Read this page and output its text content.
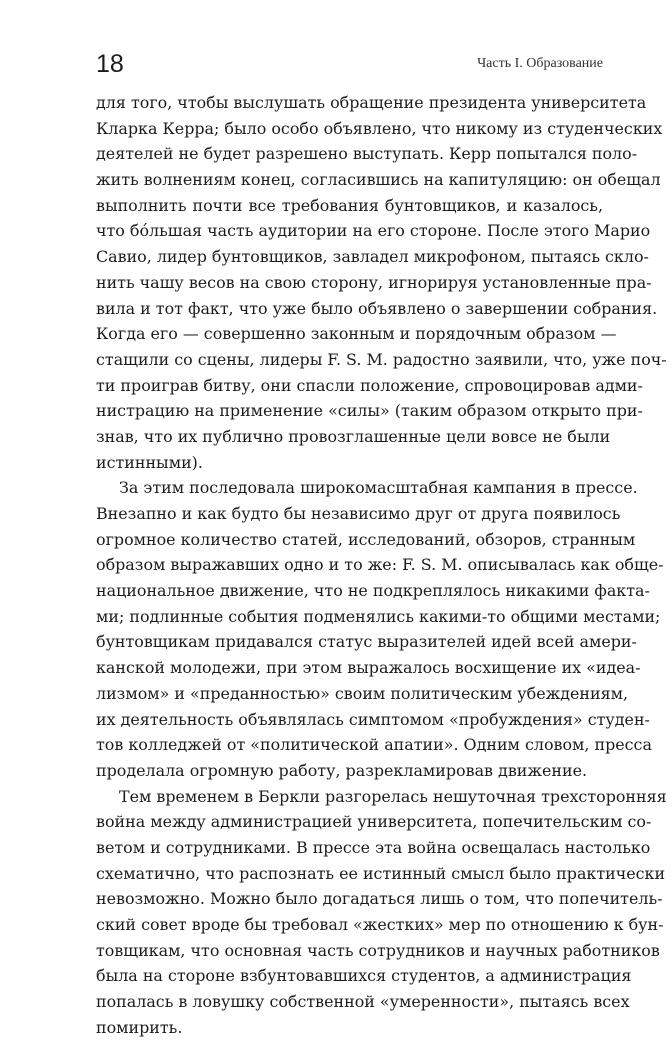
18	Часть I. Образование
для того, чтобы выслушать обращение президента университета
Кларка Керра; было особо объявлено, что никому из студенческих
деятелей не будет разрешено выступать. Керр попытался поло-
жить волнениям конец, согласившись на капитуляцию: он обещал
выполнить почти все требования бунтовщиков, и казалось,
что бóльшая часть аудитории на его стороне. После этого Марио
Савио, лидер бунтовщиков, завладел микрофоном, пытаясь скло-
нить чашу весов на свою сторону, игнорируя установленные пра-
вила и тот факт, что уже было объявлено о завершении собрания.
Когда его — совершенно законным и порядочным образом —
стащили со сцены, лидеры F. S. M. радостно заявили, что, уже поч-
ти проиграв битву, они спасли положение, спровоцировав адми-
нистрацию на применение «силы» (таким образом открыто при-
знав, что их публично провозглашенные цели вовсе не были
истинными).
За этим последовала широкомасштабная кампания в прессе.
Внезапно и как будто бы независимо друг от друга появилось
огромное количество статей, исследований, обзоров, странным
образом выражавших одно и то же: F. S. M. описывалась как обще-
национальное движение, что не подкреплялось никакими факта-
ми; подлинные события подменялись какими-то общими местами;
бунтовщикам придавался статус выразителей идей всей амери-
канской молодежи, при этом выражалось восхищение их «идеа-
лизмом» и «преданностью» своим политическим убеждениям,
их деятельность объявлялась симптомом «пробуждения» студен-
тов колледжей от «политической апатии». Одним словом, пресса
проделала огромную работу, разрекламировав движение.
Тем временем в Беркли разгорелась нешуточная трехсторонняя
война между администрацией университета, попечительским со-
ветом и сотрудниками. В прессе эта война освещалась настолько
схематично, что распознать ее истинный смысл было практически
невозможно. Можно было догадаться лишь о том, что попечитель-
ский совет вроде бы требовал «жестких» мер по отношению к бун-
товщикам, что основная часть сотрудников и научных работников
была на стороне взбунтовавшихся студентов, а администрация
попалась в ловушку собственной «умеренности», пытаясь всех
помирить.
